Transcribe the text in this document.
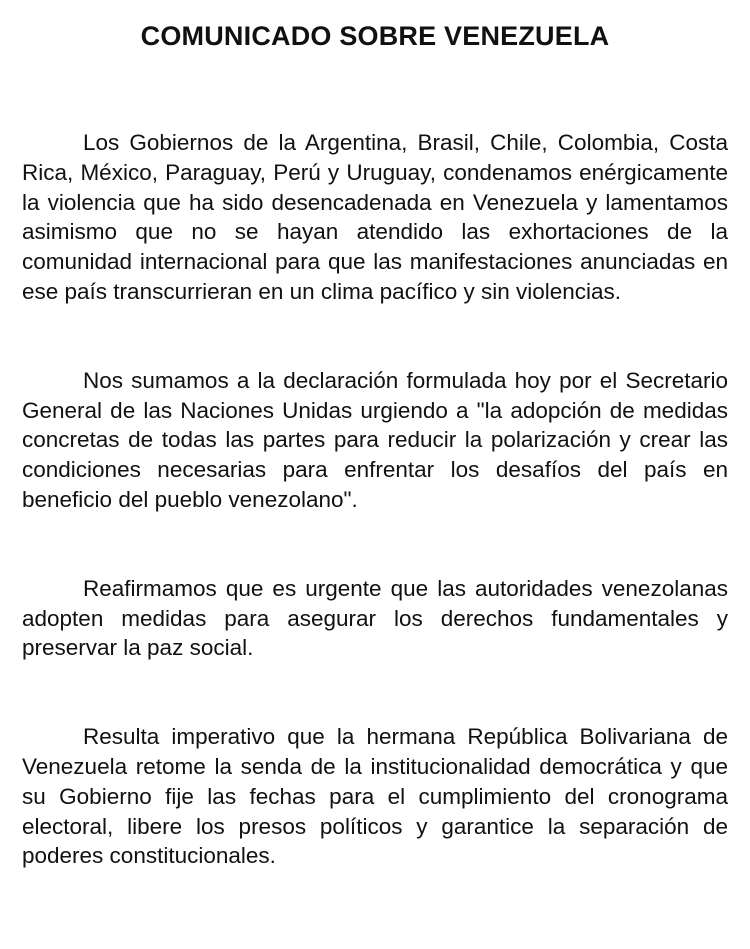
COMUNICADO SOBRE VENEZUELA

Los Gobiernos de la Argentina, Brasil, Chile, Colombia, Costa Rica, México, Paraguay, Perú y Uruguay, condenamos enérgicamente la violencia que ha sido desencadenada en Venezuela y lamentamos asimismo que no se hayan atendido las exhortaciones de la comunidad internacional para que las manifestaciones anunciadas en ese país transcurrieran en un clima pacífico y sin violencias.

Nos sumamos a la declaración formulada hoy por el Secretario General de las Naciones Unidas urgiendo a "la adopción de medidas concretas de todas las partes para reducir la polarización y crear las condiciones necesarias para enfrentar los desafíos del país en beneficio del pueblo venezolano".

Reafirmamos que es urgente que las autoridades venezolanas adopten medidas para asegurar los derechos fundamentales y preservar la paz social.

Resulta imperativo que la hermana República Bolivariana de Venezuela retome la senda de la institucionalidad democrática y que su Gobierno fije las fechas para el cumplimiento del cronograma electoral, libere los presos políticos y garantice la separación de poderes constitucionales.
